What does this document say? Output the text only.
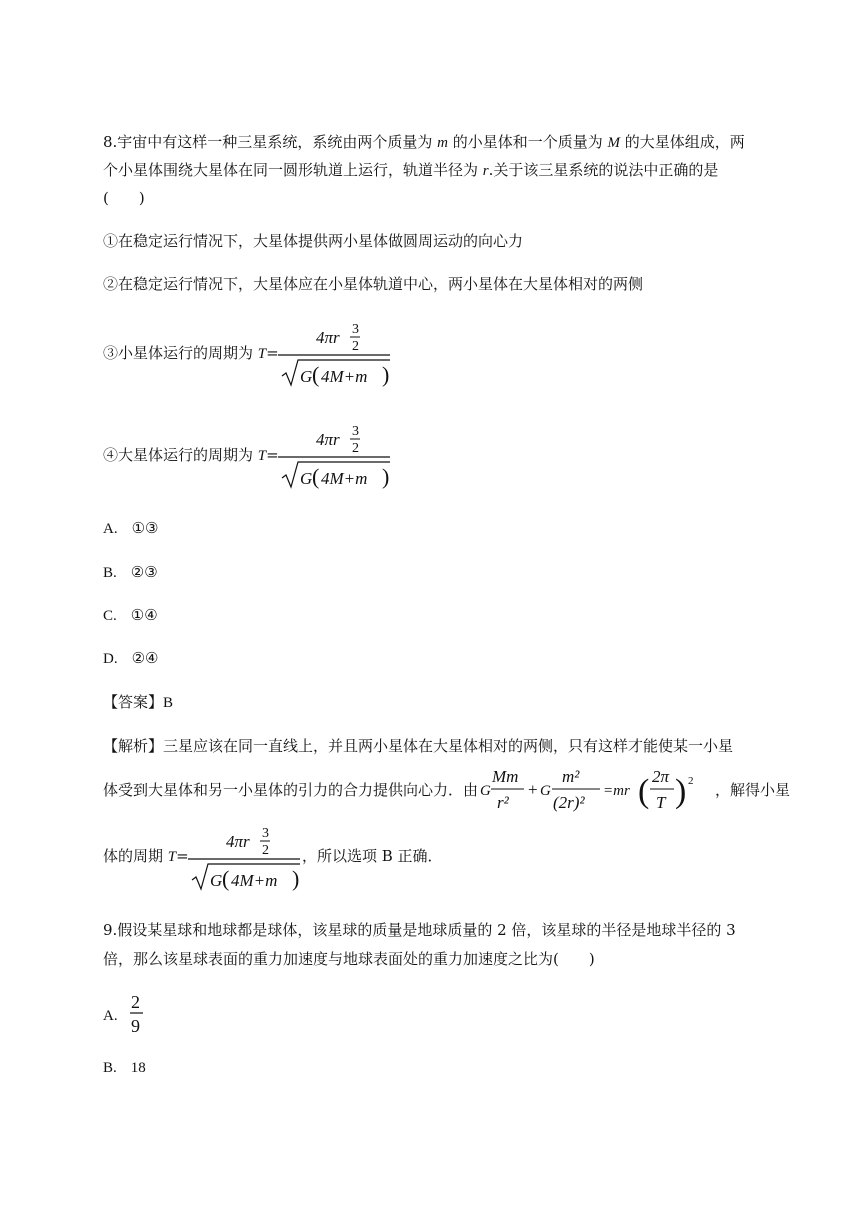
8.宇宙中有这样一种三星系统，系统由两个质量为 m 的小星体和一个质量为 M 的大星体组成，两
个小星体围绕大星体在同一圆形轨道上运行，轨道半径为 r.关于该三星系统的说法中正确的是
(　　)
①在稳定运行情况下，大星体提供两小星体做圆周运动的向心力
②在稳定运行情况下，大星体应在小星体轨道中心，两小星体在大星体相对的两侧
③小星体运行的周期为 T=
4πr 3
2
G ( 4M+m )
④大星体运行的周期为 T=
4πr 3
2
G ( 4M+m )
A. ①③
B. ②③
C. ①④
D. ②④
【答案】B
【解析】三星应该在同一直线上，并且两小星体在大星体相对的两侧，只有这样才能使某一小星
体受到大星体和另一小星体的引力的合力提供向心力．由 G
Mm
r²
+ G
m²
(2r)²
=mr ( 2π
T ) 2 ，解得小星
体的周期 T=	，所以选项 B 正确．
4πr 3
2
G ( 4M+m )
9.假设某星球和地球都是球体，该星球的质量是地球质量的 2 倍，该星球的半径是地球半径的 3
倍，那么该星球表面的重力加速度与地球表面处的重力加速度之比为(　　)
A.
2
9
B. 18
